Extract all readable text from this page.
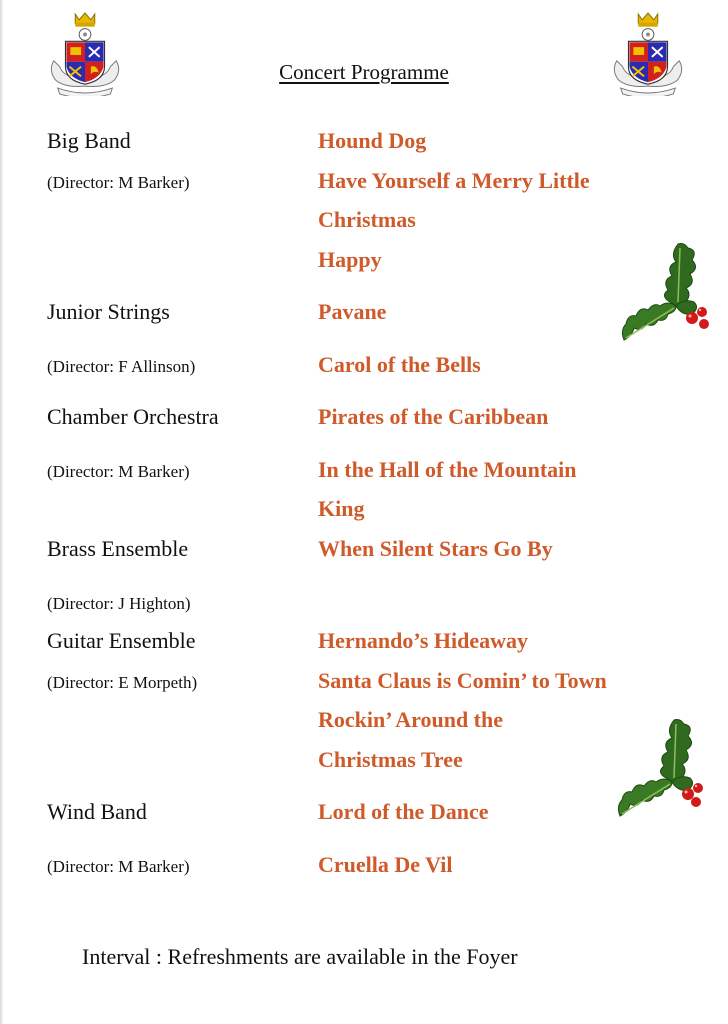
Concert Programme
Big Band
(Director: M Barker)
Junior Strings
(Director: F Allinson)
Chamber Orchestra
(Director: M Barker)
Brass Ensemble
(Director: J Highton)
Guitar Ensemble
(Director: E Morpeth)
Wind Band
(Director: M Barker)
Hound Dog
Have Yourself a Merry Little
Christmas
Happy
Pavane
Carol of the Bells
Pirates of the Caribbean
In the Hall of the Mountain
King
When Silent Stars Go By
Hernando’s Hideaway
Santa Claus is Comin’ to Town
Rockin’ Around the
Christmas Tree
Lord of the Dance
Cruella De Vil
Interval : Refreshments are available in the Foyer
